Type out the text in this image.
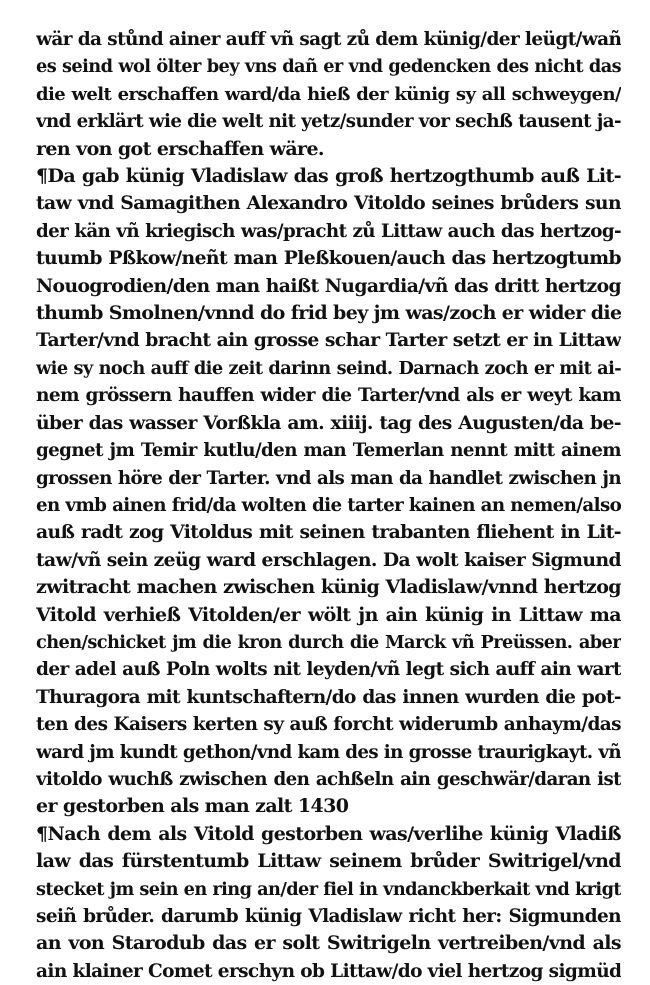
wär da stůnd ainer auff vñ sagt zů dem künig/der leügt/wañ
es seind wol ölter bey vns dañ er vnd gedencken des nicht das
die welt erschaffen ward/da hieß der künig sy all schweygen/
vnd erklärt wie die welt nit yetz/sunder vor sechß tausent ja-
ren von got erschaffen wäre.
¶Da gab künig Vladislaw das groß hertzogthumb auß Lit-
taw vnd Samagithen Alexandro Vitoldo seines brůders sun
der kän vñ kriegisch was/pracht zů Littaw auch das hertzog-
tuumb Pßkow/neñt man Pleßkouen/auch das hertzogtumb
Nouogrodien/den man haißt Nugardia/vñ das dritt hertzog
thumb Smolnen/vnnd do frid bey jm was/zoch er wider die
Tarter/vnd bracht ain grosse schar Tarter setzt er in Littaw
wie sy noch auff die zeit darinn seind. Darnach zoch er mit ai-
nem grössern hauffen wider die Tarter/vnd als er weyt kam
über das wasser Vorßkla am. xiiij. tag des Augusten/da be-
gegnet jm Temir kutlu/den man Temerlan nennt mitt ainem
grossen höre der Tarter. vnd als man da handlet zwischen jn
en vmb ainen frid/da wolten die tarter kainen an nemen/also
auß radt zog Vitoldus mit seinen trabanten fliehent in Lit-
taw/vñ sein zeüg ward erschlagen. Da wolt kaiser Sigmund
zwitracht machen zwischen künig Vladislaw/vnnd hertzog
Vitold verhieß Vitolden/er wölt jn ain künig in Littaw ma
chen/schicket jm die kron durch die Marck vñ Preüssen. aber
der adel auß Poln wolts nit leyden/vñ legt sich auff ain wart
Thuragora mit kuntschaftern/do das innen wurden die pot-
ten des Kaisers kerten sy auß forcht widerumb anhaym/das
ward jm kundt gethon/vnd kam des in grosse traurigkayt. vñ
vitoldo wuchß zwischen den achßeln ain geschwär/daran ist
er gestorben als man zalt 1430
¶Nach dem als Vitold gestorben was/verlihe künig Vladiß
law das fürstentumb Littaw seinem brůder Switrigel/vnd
stecket jm sein en ring an/der fiel in vndanckberkait vnd krigt
seiñ brůder. darumb künig Vladislaw richt her: Sigmunden
an von Starodub das er solt Switrigeln vertreiben/vnd als
ain klainer Comet erschyn ob Littaw/do viel hertzog sigmüd
